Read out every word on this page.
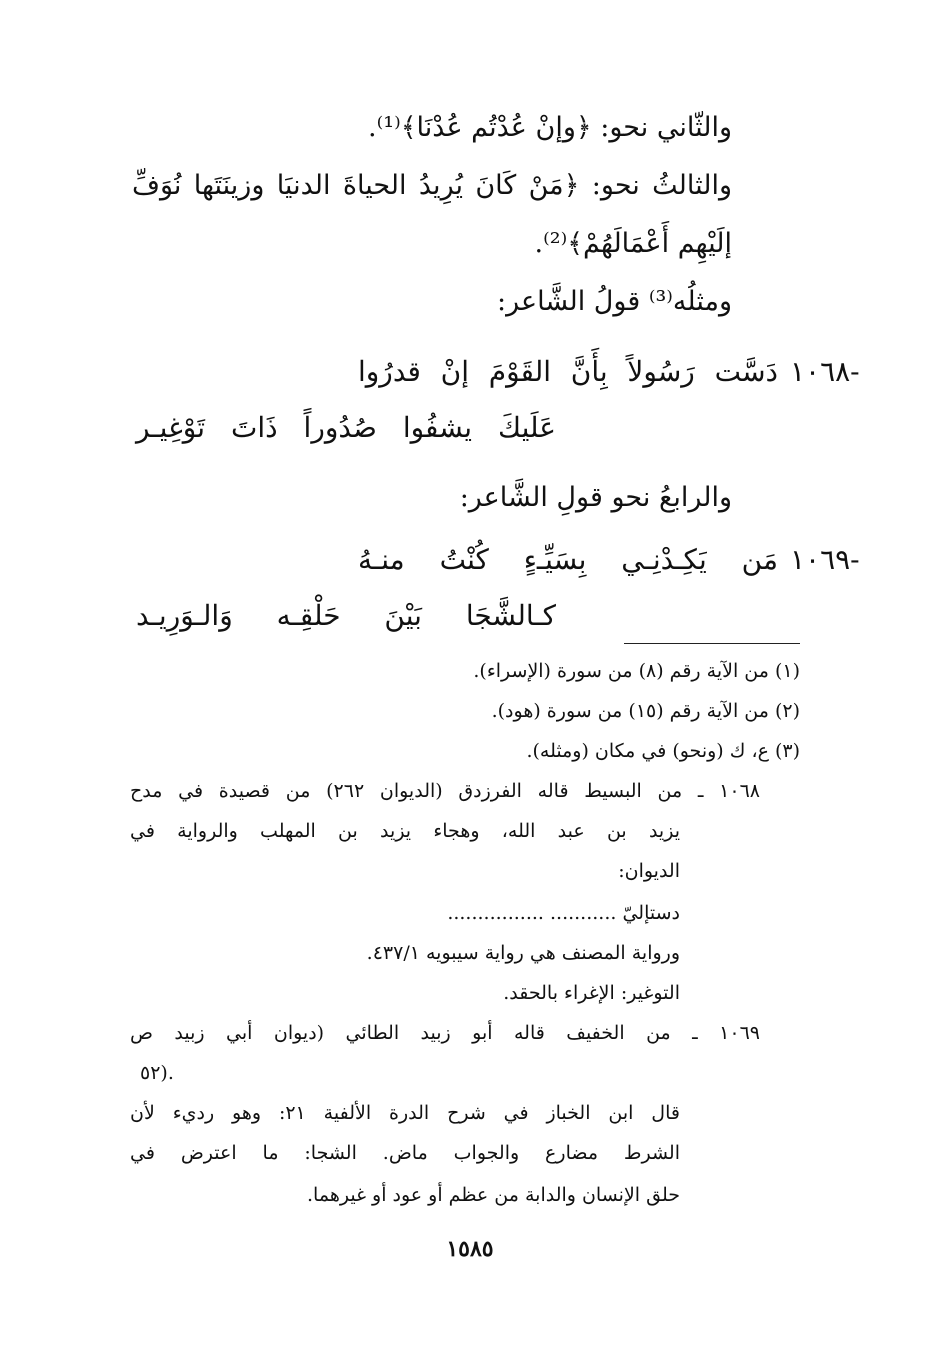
والثّاني نحو: ﴿وإنْ عُدْتُم عُدْنَا﴾⁽¹⁾.
والثالثُ نحو: ﴿مَنْ كَانَ يُرِيدُ الحياةَ الدنيَا وزينَتَها نُوَفِّ
إلَيْهِم أَعْمَالَهُمْ﴾⁽²⁾.
ومثلُه⁽³⁾ قولُ الشَّاعر:
١٠٦٨-
دَسَّت رَسُولاً بِأَنَّ القَوْمَ إنْ قدرُوا
عَلَيكَ يشفُوا صُدُوراً ذَاتَ تَوْغِيـر
والرابعُ نحو قولِ الشَّاعر:
١٠٦٩-
مَن يَكِـدْنِـي بِسَيِّـءٍ كُنْتُ منـهُ
كـالشَّجَا بَيْنَ حَلْقِـه وَالـوَرِيـد
(١) من الآية رقم (٨) من سورة (الإسراء).
(٢) من الآية رقم (١٥) من سورة (هود).
(٣) ع، ك (ونحو) في مكان (ومثله).
١٠٦٨ ـ من البسيط قاله الفرزدق (الديوان ٢٦٢) من قصيدة في مدح
يزيد بن عبد الله، وهجاء يزيد بن المهلب والرواية في
الديوان:
دستإليّ ........... ................
ورواية المصنف هي رواية سيبويه ٤٣٧/١.
التوغير: الإغراء بالحقد.
١٠٦٩ ـ من الخفيف قاله أبو زبيد الطائي (ديوان أبي زبيد ص
٥٢).
قال ابن الخباز في شرح الدرة الألفية ٢١: وهو رديء لأن
الشرط مضارع والجواب ماض. الشجا: ما اعترض في
حلق الإنسان والدابة من عظم أو عود أو غيرهما.
١٥٨٥
